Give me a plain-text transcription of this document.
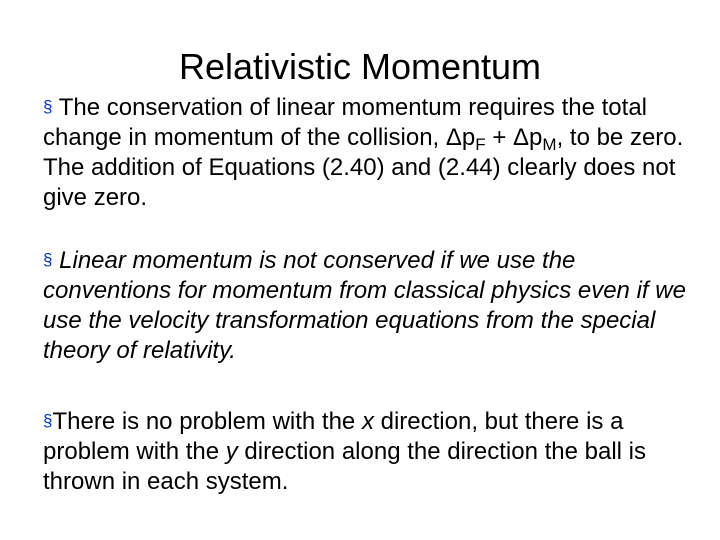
Relativistic Momentum

§ The conservation of linear momentum requires the total change in momentum of the collision, $\Delta p_F + \Delta p_M$, to be zero. The addition of Equations (2.40) and (2.44) clearly does not give zero.

§ Linear momentum is not conserved if we use the conventions for momentum from classical physics even if we use the velocity transformation equations from the special theory of relativity.

§There is no problem with the x direction, but there is a problem with the y direction along the direction the ball is thrown in each system.
